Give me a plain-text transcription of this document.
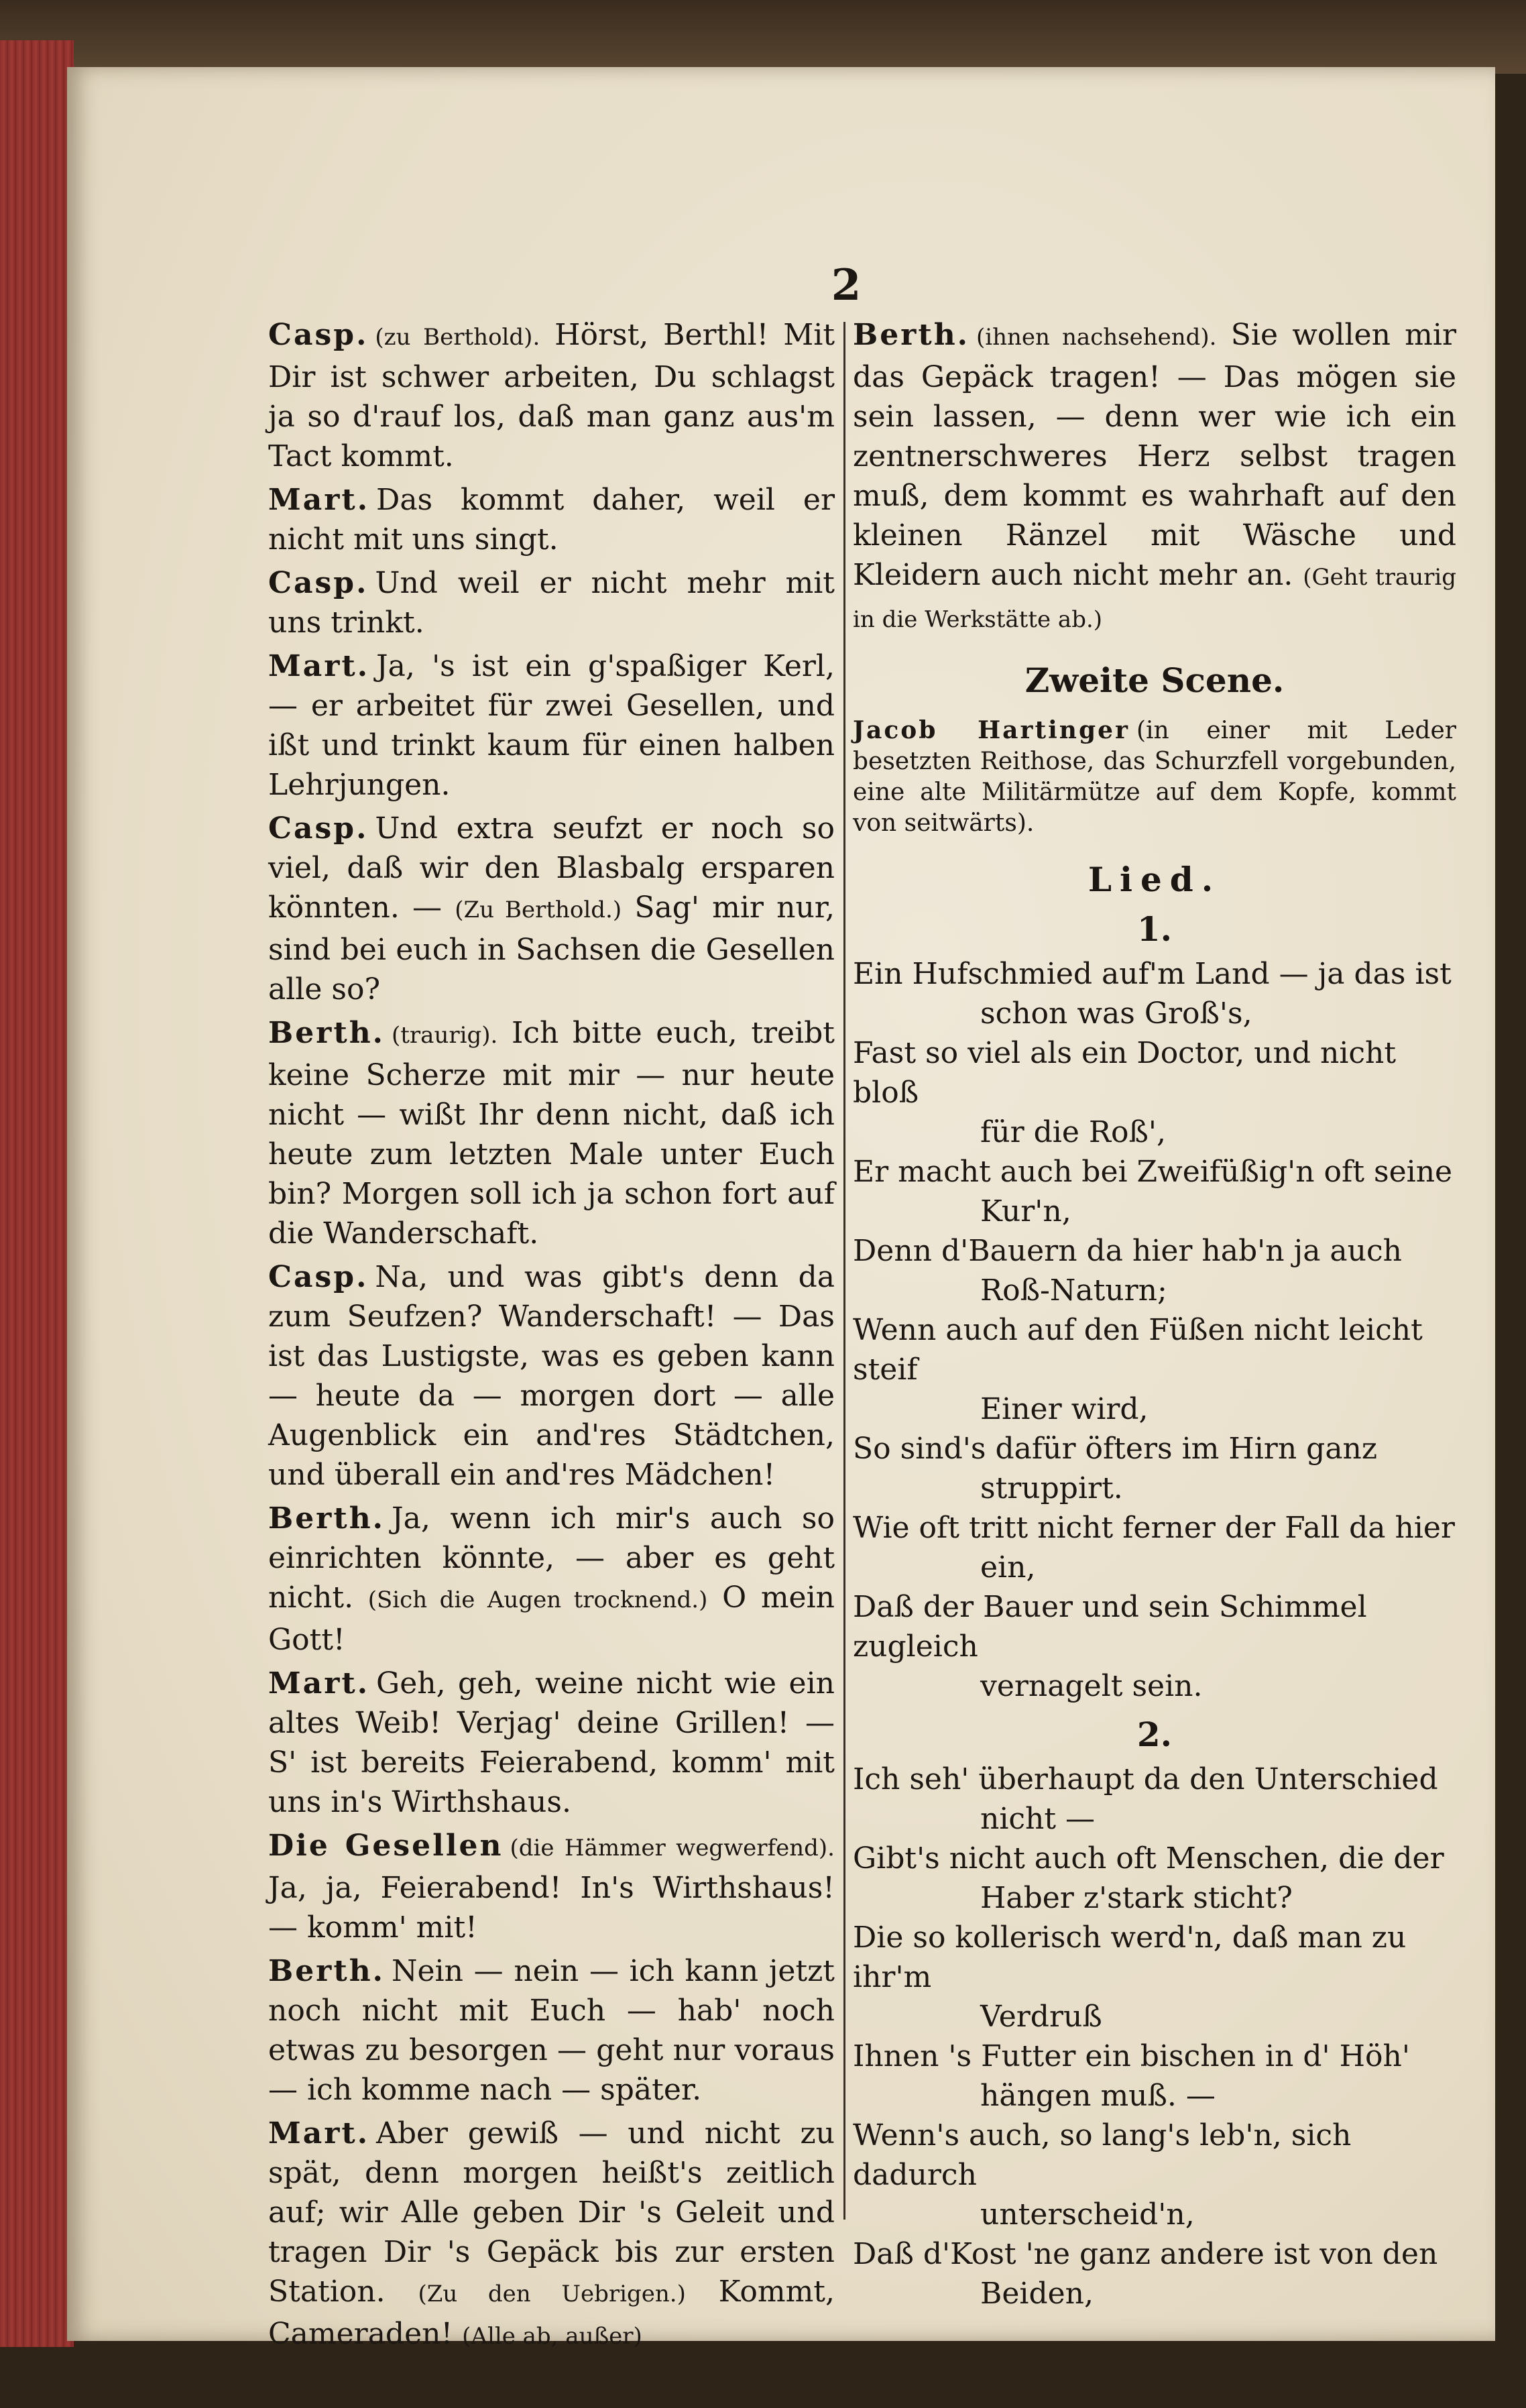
2

Casp. (zu Berthold). Hörst, Berthl! Mit Dir ist schwer arbeiten, Du schlagst ja so d'rauf los, daß man ganz aus'm Tact kommt.

Mart. Das kommt daher, weil er nicht mit uns singt.

Casp. Und weil er nicht mehr mit uns trinkt.

Mart. Ja, 's ist ein g'spaßiger Kerl, — er arbeitet für zwei Gesellen, und ißt und trinkt kaum für einen halben Lehrjungen.

Casp. Und extra seufzt er noch so viel, daß wir den Blasbalg ersparen könnten. — (Zu Berthold.) Sag' mir nur, sind bei euch in Sachsen die Gesellen alle so?

Berth. (traurig). Ich bitte euch, treibt keine Scherze mit mir — nur heute nicht — wißt Ihr denn nicht, daß ich heute zum letzten Male unter Euch bin? Morgen soll ich ja schon fort auf die Wanderschaft.

Casp. Na, und was gibt's denn da zum Seufzen? Wanderschaft! — Das ist das Lustigste, was es geben kann — heute da — morgen dort — alle Augenblick ein and'res Städtchen, und überall ein and'res Mädchen!

Berth. Ja, wenn ich mir's auch so einrichten könnte, — aber es geht nicht. (Sich die Augen trocknend.) O mein Gott!

Mart. Geh, geh, weine nicht wie ein altes Weib! Verjag' deine Grillen! — S' ist bereits Feierabend, komm' mit uns in's Wirthshaus.

Die Gesellen (die Hämmer wegwerfend). Ja, ja, Feierabend! In's Wirthshaus! — komm' mit!

Berth. Nein — nein — ich kann jetzt noch nicht mit Euch — hab' noch etwas zu besorgen — geht nur voraus — ich komme nach — später.

Mart. Aber gewiß — und nicht zu spät, denn morgen heißt's zeitlich auf; wir Alle geben Dir 's Geleit und tragen Dir 's Gepäck bis zur ersten Station. (Zu den Uebrigen.) Kommt, Cameraden! (Alle ab, außer)

Berth. (ihnen nachsehend). Sie wollen mir das Gepäck tragen! — Das mögen sie sein lassen, — denn wer wie ich ein zentnerschweres Herz selbst tragen muß, dem kommt es wahrhaft auf den kleinen Ränzel mit Wäsche und Kleidern auch nicht mehr an. (Geht traurig in die Werkstätte ab.)

Zweite Scene.
Jacob Hartinger (in einer mit Leder besetzten Reithose, das Schurzfell vorgebunden, eine alte Militärmütze auf dem Kopfe, kommt von seitwärts).
Lied.
1.
Ein Hufschmied auf'm Land — ja das ist
schon was Groß's,
Fast so viel als ein Doctor, und nicht bloß
für die Roß',
Er macht auch bei Zweifüßig'n oft seine
Kur'n,
Denn d'Bauern da hier hab'n ja auch
Roß-Naturn;
Wenn auch auf den Füßen nicht leicht steif
Einer wird,
So sind's dafür öfters im Hirn ganz
struppirt.
Wie oft tritt nicht ferner der Fall da hier
ein,
Daß der Bauer und sein Schimmel zugleich
vernagelt sein.
2.
Ich seh' überhaupt da den Unterschied
nicht —
Gibt's nicht auch oft Menschen, die der
Haber z'stark sticht?
Die so kollerisch werd'n, daß man zu ihr'm
Verdruß
Ihnen 's Futter ein bischen in d' Höh'
hängen muß. —
Wenn's auch, so lang's leb'n, sich dadurch
unterscheid'n,
Daß d'Kost 'ne ganz andere ist von den
Beiden,
